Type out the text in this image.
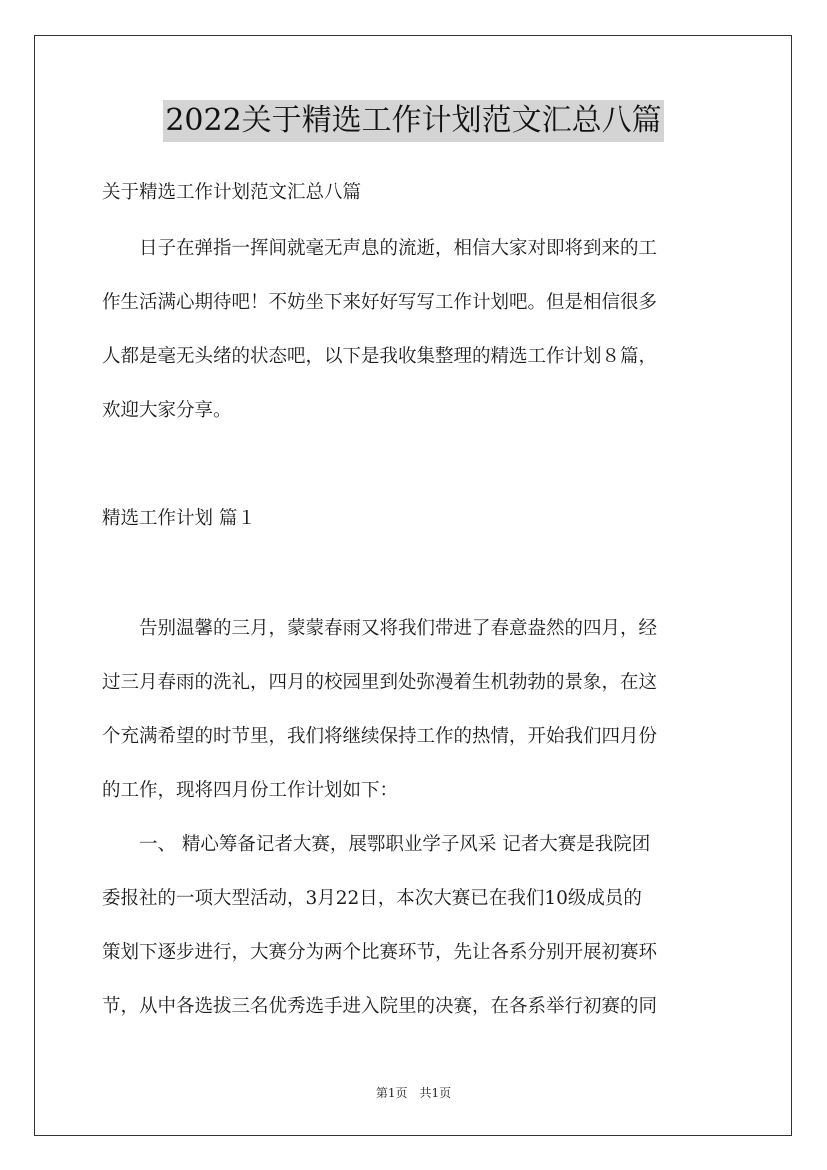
2022关于精选工作计划范文汇总八篇
关于精选工作计划范文汇总八篇
　　日子在弹指一挥间就毫无声息的流逝，相信大家对即将到来的工
作生活满心期待吧！不妨坐下来好好写写工作计划吧。但是相信很多
人都是毫无头绪的状态吧，以下是我收集整理的精选工作计划８篇，
欢迎大家分享。
精选工作计划 篇１
　　告别温馨的三月，蒙蒙春雨又将我们带进了春意盎然的四月，经
过三月春雨的洗礼，四月的校园里到处弥漫着生机勃勃的景象，在这
个充满希望的时节里，我们将继续保持工作的热情，开始我们四月份
的工作，现将四月份工作计划如下：
　　一、 精心筹备记者大赛，展鄂职业学子风采 记者大赛是我院团
委报社的一项大型活动，3月22日，本次大赛已在我们10级成员的
策划下逐步进行，大赛分为两个比赛环节，先让各系分别开展初赛环
节，从中各选拔三名优秀选手进入院里的决赛，在各系举行初赛的同
第1页　共1页
